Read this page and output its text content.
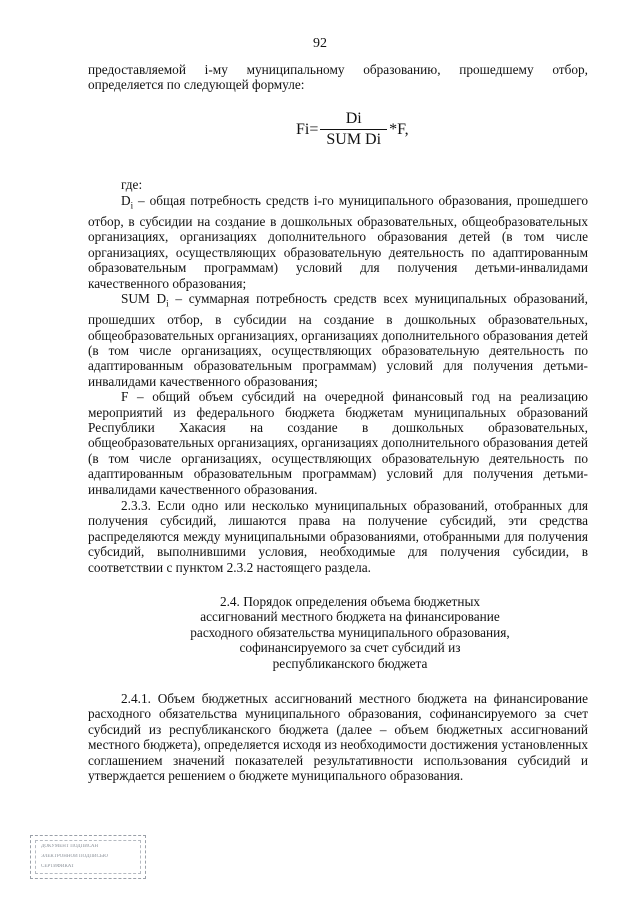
92
предоставляемой i-му муниципальному образованию, прошедшему отбор, определяется по следующей формуле:
$Fi= \frac{Di}{\text{SUM Di}} *F$,
где:

$D_i$ – общая потребность средств i-го муниципального образования, прошедшего отбор, в субсидии на создание в дошкольных образовательных, общеобразовательных организациях, организациях дополнительного образования детей (в том числе организациях, осуществляющих образовательную деятельность по адаптированным образовательным программам) условий для получения детьми-инвалидами качественного образования;

SUM $D_i$ – суммарная потребность средств всех муниципальных образований, прошедших отбор, в субсидии на создание в дошкольных образовательных, общеобразовательных организациях, организациях дополнительного образования детей (в том числе организациях, осуществляющих образовательную деятельность по адаптированным образовательным программам) условий для получения детьми-инвалидами качественного образования;

F – общий объем субсидий на очередной финансовый год на реализацию мероприятий из федерального бюджета бюджетам муниципальных образований Республики Хакасия на создание в дошкольных образовательных, общеобразовательных организациях, организациях дополнительного образования детей (в том числе организациях, осуществляющих образовательную деятельность по адаптированным образовательным программам) условий для получения детьми-инвалидами качественного образования.

2.3.3. Если одно или несколько муниципальных образований, отобранных для получения субсидий, лишаются права на получение субсидий, эти средства распределяются между муниципальными образованиями, отобранными для получения субсидий, выполнившими условия, необходимые для получения субсидии, в соответствии с пунктом 2.3.2 настоящего раздела.
2.4. Порядок определения объема бюджетных
ассигнований местного бюджета на финансирование
расходного обязательства муниципального образования,
софинансируемого за счет субсидий из
республиканского бюджета
2.4.1. Объем бюджетных ассигнований местного бюджета на финансирование расходного обязательства муниципального образования, софинансируемого за счет субсидий из республиканского бюджета (далее – объем бюджетных ассигнований местного бюджета), определяется исходя из необходимости достижения установленных соглашением значений показателей результативности использования субсидий и утверждается решением о бюджете муниципального образования.
ДОКУМЕНТ ПОДПИСАН
ЭЛЕКТРОННОЙ ПОДПИСЬЮ
СЕРТИФИКАТ
